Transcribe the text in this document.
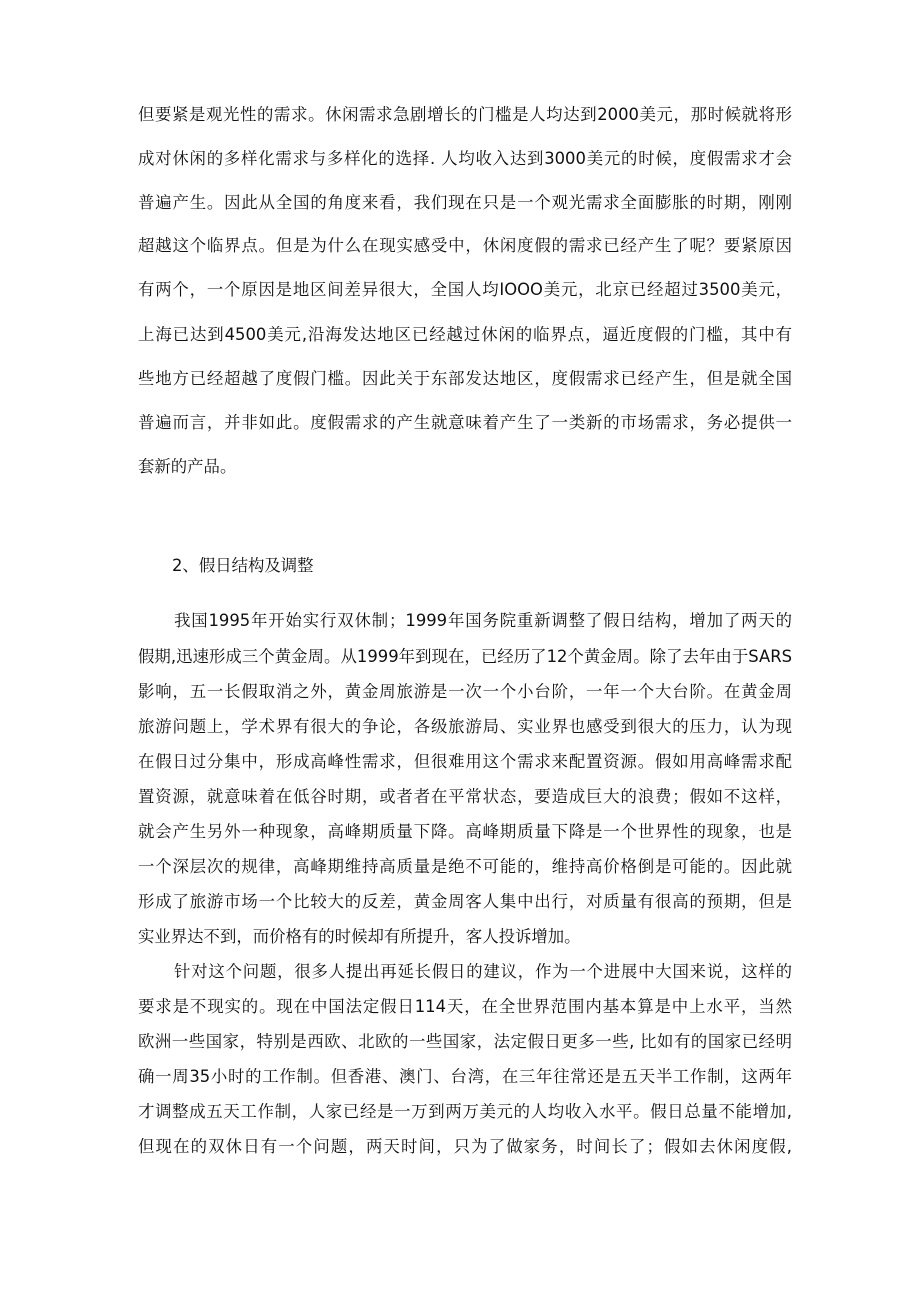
但要紧是观光性的需求。休闲需求急剧增长的门槛是人均达到2000美元，那时候就将形
成对休闲的多样化需求与多样化的选择. 人均收入达到3000美元的时候，度假需求才会
普遍产生。因此从全国的角度来看，我们现在只是一个观光需求全面膨胀的时期，刚刚
超越这个临界点。但是为什么在现实感受中，休闲度假的需求已经产生了呢？要紧原因
有两个，一个原因是地区间差异很大，全国人均IOOO美元，北京已经超过3500美元，
上海已达到4500美元,沿海发达地区已经越过休闲的临界点，逼近度假的门槛，其中有
些地方已经超越了度假门槛。因此关于东部发达地区，度假需求已经产生，但是就全国
普遍而言，并非如此。度假需求的产生就意味着产生了一类新的市场需求，务必提供一
套新的产品。
2、假日结构及调整
我国1995年开始实行双休制；1999年国务院重新调整了假日结构，增加了两天的
假期,迅速形成三个黄金周。从1999年到现在，已经历了12个黄金周。除了去年由于SARS
影响，五一长假取消之外，黄金周旅游是一次一个小台阶，一年一个大台阶。在黄金周
旅游问题上，学术界有很大的争论，各级旅游局、实业界也感受到很大的压力，认为现
在假日过分集中，形成高峰性需求，但很难用这个需求来配置资源。假如用高峰需求配
置资源，就意味着在低谷时期，或者者在平常状态，要造成巨大的浪费；假如不这样，
就会产生另外一种现象，高峰期质量下降。高峰期质量下降是一个世界性的现象，也是
一个深层次的规律，高峰期维持高质量是绝不可能的，维持高价格倒是可能的。因此就
形成了旅游市场一个比较大的反差，黄金周客人集中出行，对质量有很高的预期，但是
实业界达不到，而价格有的时候却有所提升，客人投诉增加。
针对这个问题，很多人提出再延长假日的建议，作为一个进展中大国来说，这样的
要求是不现实的。现在中国法定假日114天，在全世界范围内基本算是中上水平，当然
欧洲一些国家，特别是西欧、北欧的一些国家，法定假日更多一些, 比如有的国家已经明
确一周35小时的工作制。但香港、澳门、台湾，在三年往常还是五天半工作制，这两年
才调整成五天工作制，人家已经是一万到两万美元的人均收入水平。假日总量不能增加,
但现在的双休日有一个问题，两天时间，只为了做家务，时间长了；假如去休闲度假,
